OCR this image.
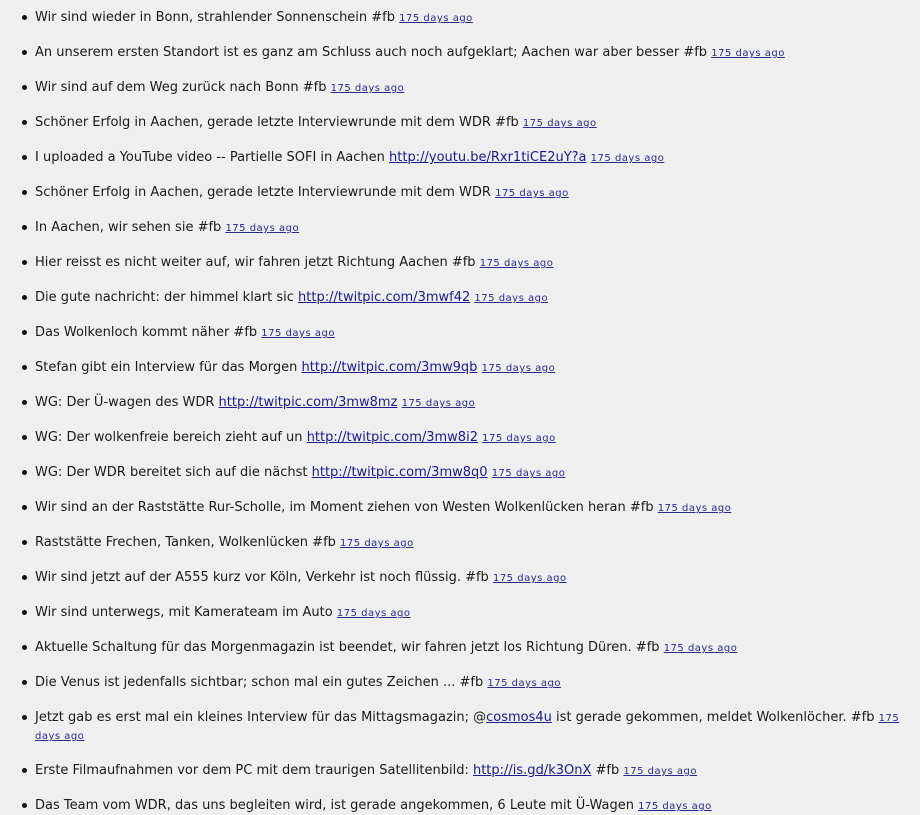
Wir sind wieder in Bonn, strahlender Sonnenschein #fb 175 days ago
An unserem ersten Standort ist es ganz am Schluss auch noch aufgeklart; Aachen war aber besser #fb 175 days ago
Wir sind auf dem Weg zurück nach Bonn #fb 175 days ago
Schöner Erfolg in Aachen, gerade letzte Interviewrunde mit dem WDR #fb 175 days ago
I uploaded a YouTube video -- Partielle SOFI in Aachen http://youtu.be/Rxr1tiCE2uY?a 175 days ago
Schöner Erfolg in Aachen, gerade letzte Interviewrunde mit dem WDR 175 days ago
In Aachen, wir sehen sie #fb 175 days ago
Hier reisst es nicht weiter auf, wir fahren jetzt Richtung Aachen #fb 175 days ago
Die gute nachricht: der himmel klart sic http://twitpic.com/3mwf42 175 days ago
Das Wolkenloch kommt näher #fb 175 days ago
Stefan gibt ein Interview für das Morgen http://twitpic.com/3mw9qb 175 days ago
WG: Der Ü-wagen des WDR http://twitpic.com/3mw8mz 175 days ago
WG: Der wolkenfreie bereich zieht auf un http://twitpic.com/3mw8i2 175 days ago
WG: Der WDR bereitet sich auf die nächst http://twitpic.com/3mw8q0 175 days ago
Wir sind an der Raststätte Rur-Scholle, im Moment ziehen von Westen Wolkenlücken heran #fb 175 days ago
Raststätte Frechen, Tanken, Wolkenlücken #fb 175 days ago
Wir sind jetzt auf der A555 kurz vor Köln, Verkehr ist noch flüssig. #fb 175 days ago
Wir sind unterwegs, mit Kamerateam im Auto 175 days ago
Aktuelle Schaltung für das Morgenmagazin ist beendet, wir fahren jetzt los Richtung Düren. #fb 175 days ago
Die Venus ist jedenfalls sichtbar; schon mal ein gutes Zeichen ... #fb 175 days ago
Jetzt gab es erst mal ein kleines Interview für das Mittagsmagazin; @cosmos4u ist gerade gekommen, meldet Wolkenlöcher. #fb 175 days ago
Erste Filmaufnahmen vor dem PC mit dem traurigen Satellitenbild: http://is.gd/k3OnX #fb 175 days ago
Das Team vom WDR, das uns begleiten wird, ist gerade angekommen, 6 Leute mit Ü-Wagen 175 days ago
